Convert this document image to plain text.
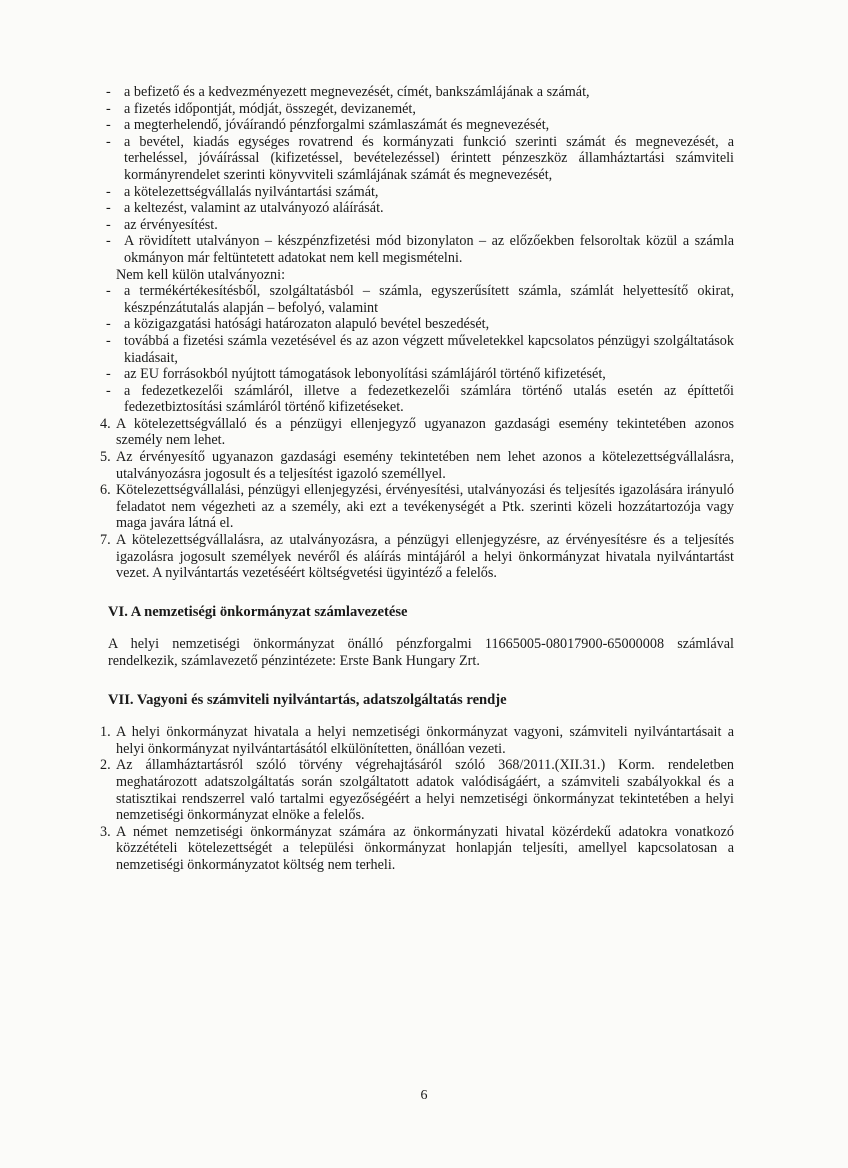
- a befizető és a kedvezményezett megnevezését, címét, bankszámlájának a számát,
- a fizetés időpontját, módját, összegét, devizanemét,
- a megterhelendő, jóváírandó pénzforgalmi számlaszámát és megnevezését,
- a bevétel, kiadás egységes rovatrend és kormányzati funkció szerinti számát és megnevezését, a terheléssel, jóváírással (kifizetéssel, bevételezéssel) érintett pénzeszköz államháztartási számviteli kormányrendelet szerinti könyvviteli számlájának számát és megnevezését,
- a kötelezettségvállalás nyilvántartási számát,
- a keltezést, valamint az utalványozó aláírását.
- az érvényesítést.
- A rövidített utalványon – készpénzfizetési mód bizonylaton – az előzőekben felsoroltak közül a számla okmányon már feltüntetett adatokat nem kell megismételni.
Nem kell külön utalványozni:
- a termékértékesítésből, szolgáltatásból – számla, egyszerűsített számla, számlát helyettesítő okirat, készpénzátutalás alapján – befolyó, valamint
- a közigazgatási hatósági határozaton alapuló bevétel beszedését,
- továbbá a fizetési számla vezetésével és az azon végzett műveletekkel kapcsolatos pénzügyi szolgáltatások kiadásait,
- az EU forrásokból nyújtott támogatások lebonyolítási számlájáról történő kifizetését,
- a fedezetkezelői számláról, illetve a fedezetkezelői számlára történő utalás esetén az építtetői fedezetbiztosítási számláról történő kifizetéseket.
4. A kötelezettségvállaló és a pénzügyi ellenjegyző ugyanazon gazdasági esemény tekintetében azonos személy nem lehet.
5. Az érvényesítő ugyanazon gazdasági esemény tekintetében nem lehet azonos a kötelezettségvállalásra, utalványozásra jogosult és a teljesítést igazoló személlyel.
6. Kötelezettségvállalási, pénzügyi ellenjegyzési, érvényesítési, utalványozási és teljesítés igazolására irányuló feladatot nem végezheti az a személy, aki ezt a tevékenységét a Ptk. szerinti közeli hozzátartozója vagy maga javára látná el.
7. A kötelezettségvállalásra, az utalványozásra, a pénzügyi ellenjegyzésre, az érvényesítésre és a teljesítés igazolásra jogosult személyek nevéről és aláírás mintájáról a helyi önkormányzat hivatala nyilvántartást vezet. A nyilvántartás vezetéséért költségvetési ügyintéző a felelős.
VI. A nemzetiségi önkormányzat számlavezetése
A helyi nemzetiségi önkormányzat önálló pénzforgalmi 11665005-08017900-65000008 számlával rendelkezik, számlavezető pénzintézete: Erste Bank Hungary Zrt.
VII. Vagyoni és számviteli nyilvántartás, adatszolgáltatás rendje
1. A helyi önkormányzat hivatala a helyi nemzetiségi önkormányzat vagyoni, számviteli nyilvántartásait a helyi önkormányzat nyilvántartásától elkülönítetten, önállóan vezeti.
2. Az államháztartásról szóló törvény végrehajtásáról szóló 368/2011.(XII.31.) Korm. rendeletben meghatározott adatszolgáltatás során szolgáltatott adatok valódiságáért, a számviteli szabályokkal és a statisztikai rendszerrel való tartalmi egyezőségéért a helyi nemzetiségi önkormányzat tekintetében a helyi nemzetiségi önkormányzat elnöke a felelős.
3. A német nemzetiségi önkormányzat számára az önkormányzati hivatal közérdekű adatokra vonatkozó közzétételi kötelezettségét a települési önkormányzat honlapján teljesíti, amellyel kapcsolatosan a nemzetiségi önkormányzatot költség nem terheli.
6
